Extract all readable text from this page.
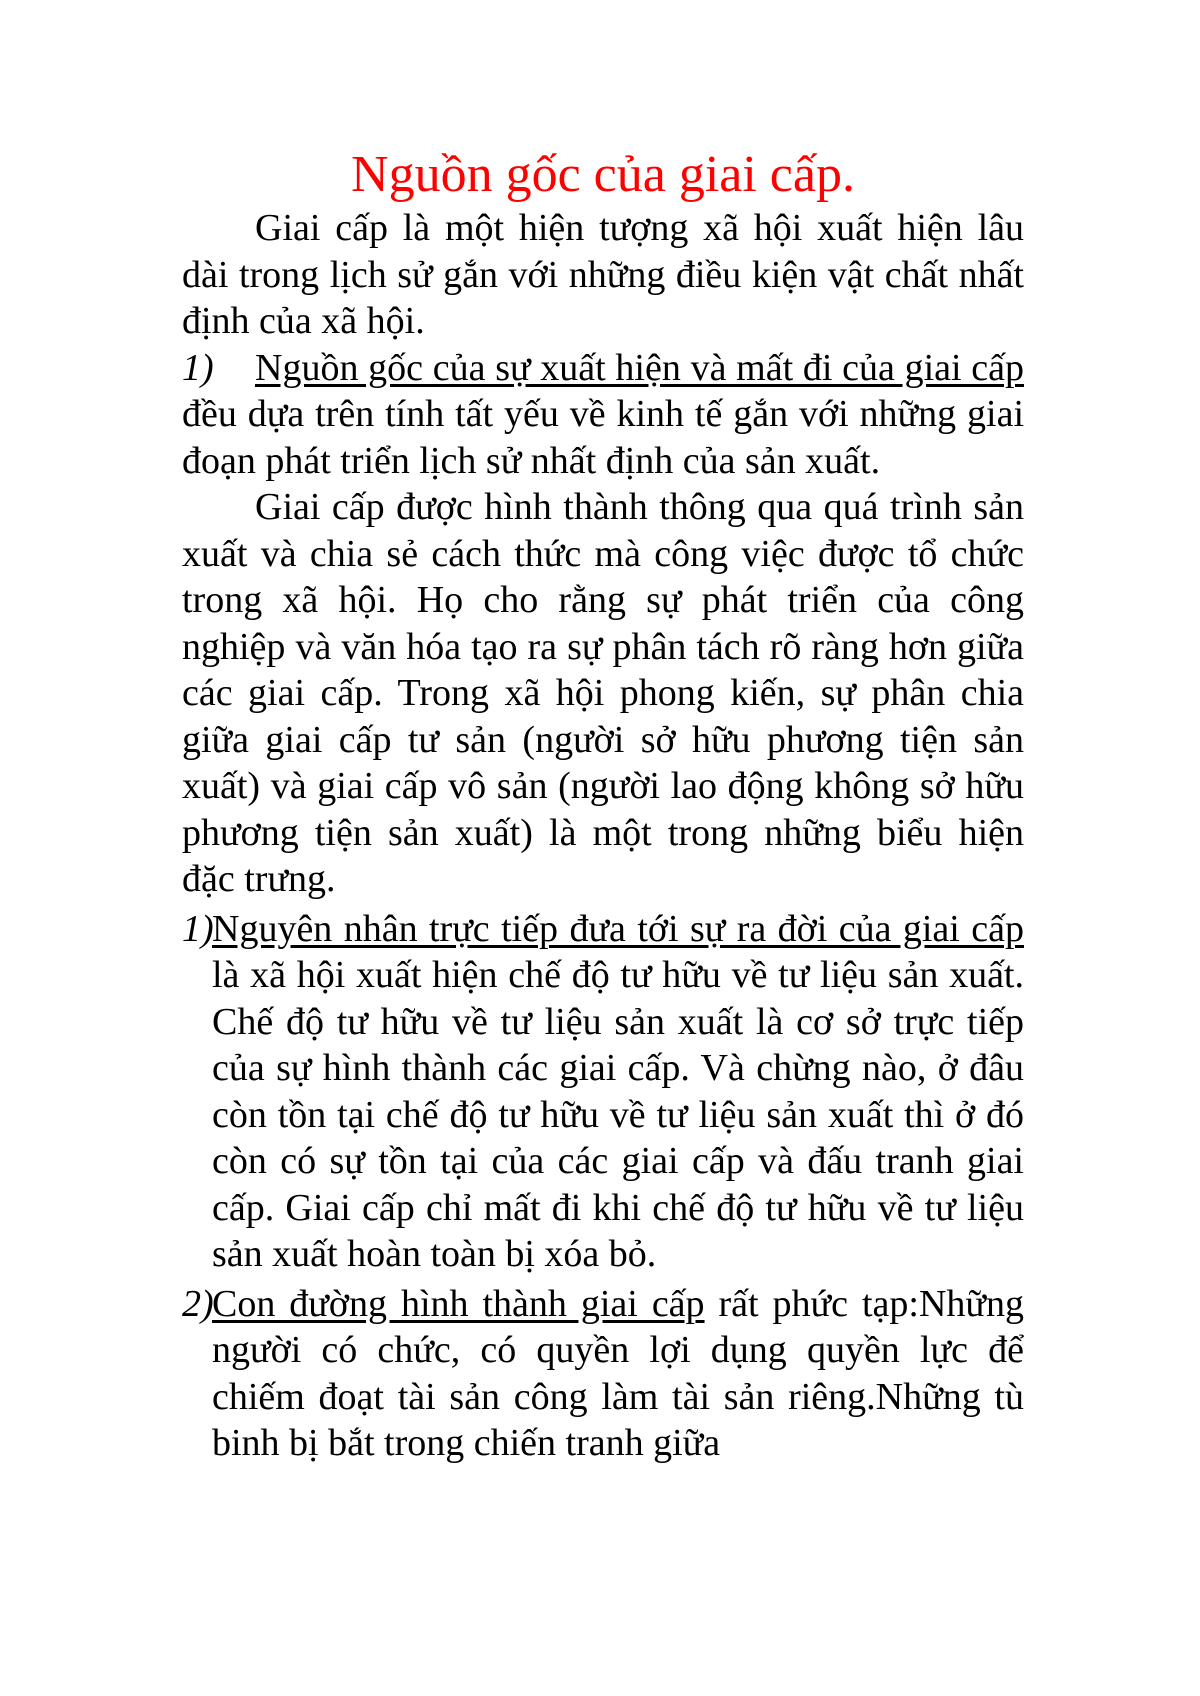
Nguồn gốc của giai cấp.

Giai cấp là một hiện tượng xã hội xuất hiện lâu dài trong lịch sử gắn với những điều kiện vật chất nhất định của xã hội.

1) Nguồn gốc của sự xuất hiện và mất đi của giai cấp đều dựa trên tính tất yếu về kinh tế gắn với những giai đoạn phát triển lịch sử nhất định của sản xuất.

Giai cấp được hình thành thông qua quá trình sản xuất và chia sẻ cách thức mà công việc được tổ chức trong xã hội. Họ cho rằng sự phát triển của công nghiệp và văn hóa tạo ra sự phân tách rõ ràng hơn giữa các giai cấp. Trong xã hội phong kiến, sự phân chia giữa giai cấp tư sản (người sở hữu phương tiện sản xuất) và giai cấp vô sản (người lao động không sở hữu phương tiện sản xuất) là một trong những biểu hiện đặc trưng.

1)
Nguyên nhân trực tiếp đưa tới sự ra đời của giai cấp là xã hội xuất hiện chế độ tư hữu về tư liệu sản xuất. Chế độ tư hữu về tư liệu sản xuất là cơ sở trực tiếp của sự hình thành các giai cấp. Và chừng nào, ở đâu còn tồn tại chế độ tư hữu về tư liệu sản xuất thì ở đó còn có sự tồn tại của các giai cấp và đấu tranh giai cấp. Giai cấp chỉ mất đi khi chế độ tư hữu về tư liệu sản xuất hoàn toàn bị xóa bỏ.

2)
Con đường hình thành giai cấp rất phức tạp:Những người có chức, có quyền lợi dụng quyền lực để chiếm đoạt tài sản công làm tài sản riêng.Những tù binh bị bắt trong chiến tranh giữa
